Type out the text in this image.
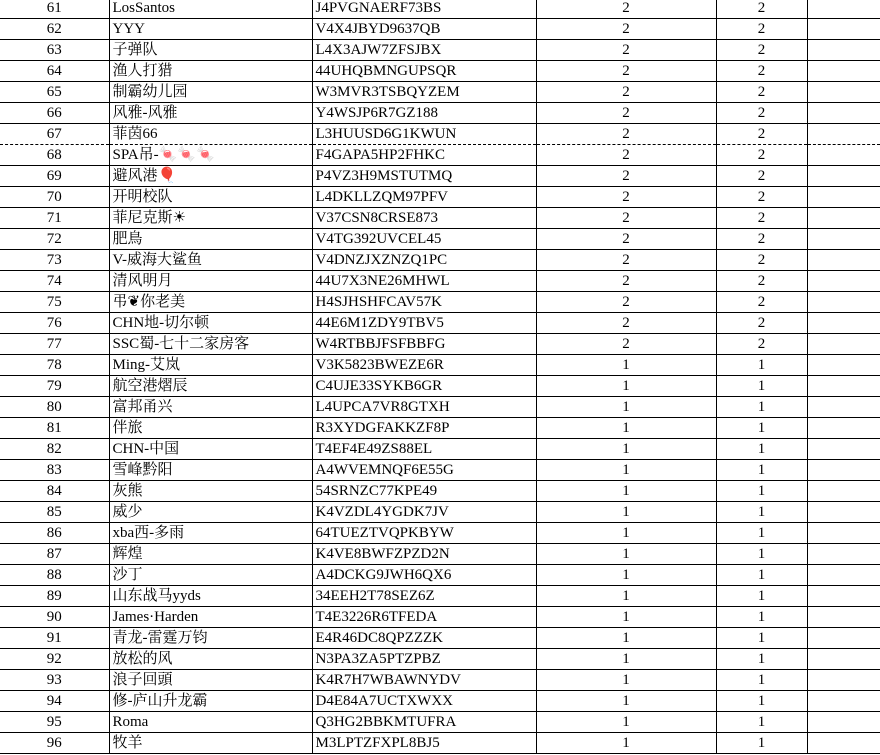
61	LosSantos	J4PVGNAERF73BS	2	2	
62	YYY	V4X4JBYD9637QB	2	2	
63	子弹队	L4X3AJW7ZFSJBX	2	2	
64	渔人打猎	44UHQBMNGUPSQR	2	2	
65	制霸幼儿园	W3MVR3TSBQYZEM	2	2	
66	风雅-风雅	Y4WSJP6R7GZ188	2	2	
67	菲茵66	L3HUUSD6G1KWUN	2	2	
68	SPA吊-🍬🍬🍬	F4GAPA5HP2FHKC	2	2	
69	避风港🎈	P4VZ3H9MSTUTMQ	2	2	
70	开明校队	L4DKLLZQM97PFV	2	2	
71	菲尼克斯☀	V37CSN8CRSE873	2	2	
72	肥鳥	V4TG392UVCEL45	2	2	
73	V-威海大鲨鱼	V4DNZJXZNZQ1PC	2	2	
74	清风明月	44U7X3NE26MHWL	2	2	
75	弔❦你老美	H4SJHSHFCAV57K	2	2	
76	CHN地-切尔顿	44E6M1ZDY9TBV5	2	2	
77	SSC蜀-七十二家房客	W4RTBBJFSFBBFG	2	2	
78	Ming-艾岚	V3K5823BWEZE6R	1	1	
79	航空港熠辰	C4UJE33SYKB6GR	1	1	
80	富邦甬兴	L4UPCA7VR8GTXH	1	1	
81	伴旅	R3XYDGFAKKZF8P	1	1	
82	CHN-中国	T4EF4E49ZS88EL	1	1	
83	雪峰黔阳	A4WVEMNQF6E55G	1	1	
84	灰熊	54SRNZC77KPE49	1	1	
85	威少	K4VZDL4YGDK7JV	1	1	
86	xba西-多雨	64TUEZTVQPKBYW	1	1	
87	辉煌	K4VE8BWFZPZD2N	1	1	
88	沙丁	A4DCKG9JWH6QX6	1	1	
89	山东战马yyds	34EEH2T78SEZ6Z	1	1	
90	James·Harden	T4E3226R6TFEDA	1	1	
91	青龙-雷霆万钧	E4R46DC8QPZZZK	1	1	
92	放松的风	N3PA3ZA5PTZPBZ	1	1	
93	浪子回頭	K4R7H7WBAWNYDV	1	1	
94	修-庐山升龙霸	D4E84A7UCTXWXX	1	1	
95	Roma	Q3HG2BBKMTUFRA	1	1	
96	牧羊	M3LPTZFXPL8BJ5	1	1	
